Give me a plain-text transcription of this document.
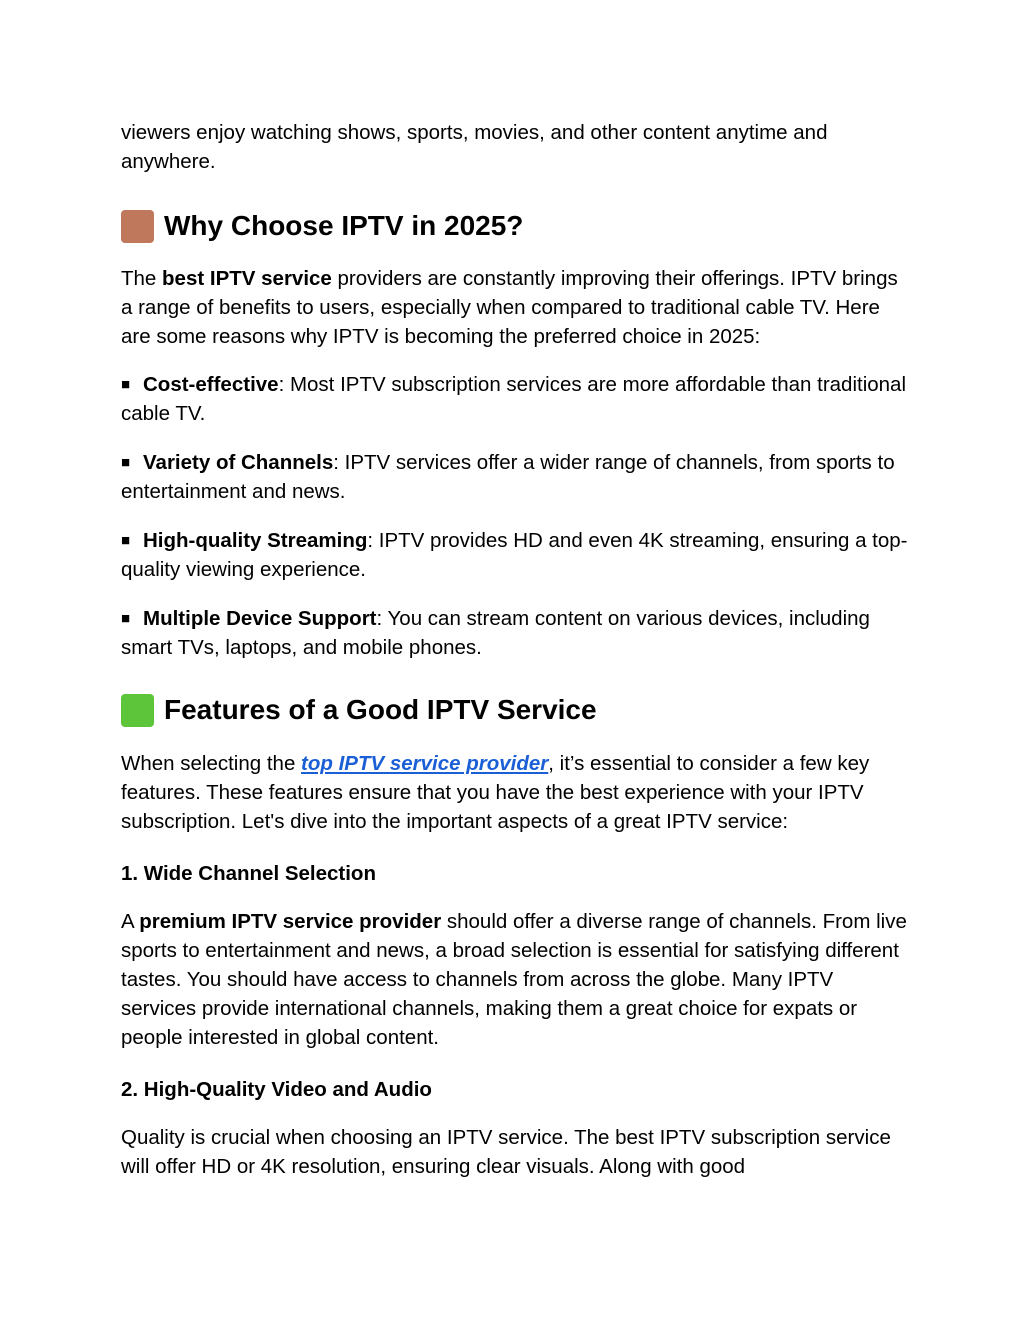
viewers enjoy watching shows, sports, movies, and other content anytime and anywhere.

Why Choose IPTV in 2025?

The best IPTV service providers are constantly improving their offerings. IPTV brings a range of benefits to users, especially when compared to traditional cable TV. Here are some reasons why IPTV is becoming the preferred choice in 2025:

■ Cost-effective: Most IPTV subscription services are more affordable than traditional cable TV.

■ Variety of Channels: IPTV services offer a wider range of channels, from sports to entertainment and news.

■ High-quality Streaming: IPTV provides HD and even 4K streaming, ensuring a top-quality viewing experience.

■ Multiple Device Support: You can stream content on various devices, including smart TVs, laptops, and mobile phones.

Features of a Good IPTV Service

When selecting the top IPTV service provider, it’s essential to consider a few key features. These features ensure that you have the best experience with your IPTV subscription. Let's dive into the important aspects of a great IPTV service:

1. Wide Channel Selection

A premium IPTV service provider should offer a diverse range of channels. From live sports to entertainment and news, a broad selection is essential for satisfying different tastes. You should have access to channels from across the globe. Many IPTV services provide international channels, making them a great choice for expats or people interested in global content.

2. High-Quality Video and Audio

Quality is crucial when choosing an IPTV service. The best IPTV subscription service will offer HD or 4K resolution, ensuring clear visuals. Along with good
